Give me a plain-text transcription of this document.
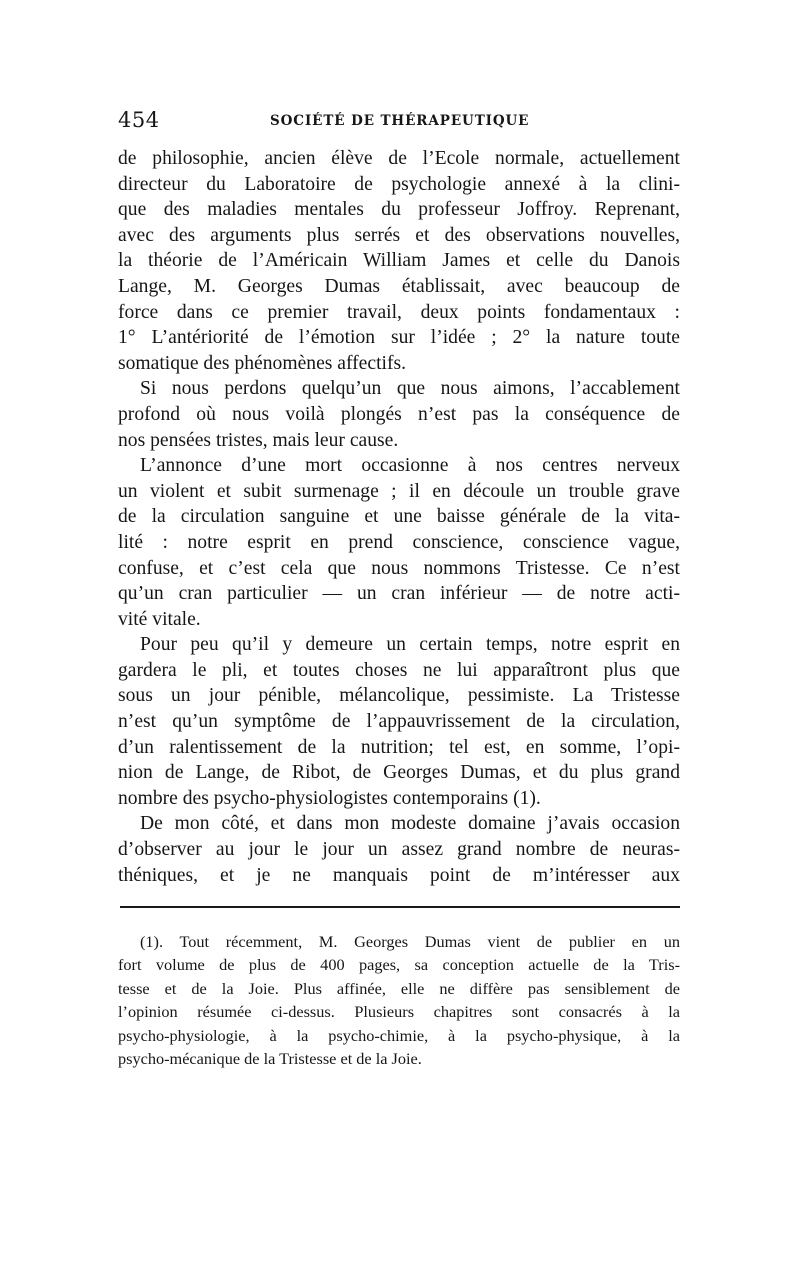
454	SOCIÉTÉ DE THÉRAPEUTIQUE
de philosophie, ancien élève de l’Ecole normale, actuellement
directeur du Laboratoire de psychologie annexé à la clini-
que des maladies mentales du professeur Joffroy. Reprenant,
avec des arguments plus serrés et des observations nouvelles,
la théorie de l’Américain William James et celle du Danois
Lange, M. Georges Dumas établissait, avec beaucoup de
force dans ce premier travail, deux points fondamentaux :
1° L’antériorité de l’émotion sur l’idée ; 2° la nature toute
somatique des phénomènes affectifs.
Si nous perdons quelqu’un que nous aimons, l’accablement
profond où nous voilà plongés n’est pas la conséquence de
nos pensées tristes, mais leur cause.
L’annonce d’une mort occasionne à nos centres nerveux
un violent et subit surmenage ; il en découle un trouble grave
de la circulation sanguine et une baisse générale de la vita-
lité : notre esprit en prend conscience, conscience vague,
confuse, et c’est cela que nous nommons Tristesse. Ce n’est
qu’un cran particulier — un cran inférieur — de notre acti-
vité vitale.
Pour peu qu’il y demeure un certain temps, notre esprit en
gardera le pli, et toutes choses ne lui apparaîtront plus que
sous un jour pénible, mélancolique, pessimiste. La Tristesse
n’est qu’un symptôme de l’appauvrissement de la circulation,
d’un ralentissement de la nutrition; tel est, en somme, l’opi-
nion de Lange, de Ribot, de Georges Dumas, et du plus grand
nombre des psycho-physiologistes contemporains (1).
De mon côté, et dans mon modeste domaine j’avais occasion
d’observer au jour le jour un assez grand nombre de neuras-
théniques, et je ne manquais point de m’intéresser aux
(1). Tout récemment, M. Georges Dumas vient de publier en un
fort volume de plus de 400 pages, sa conception actuelle de la Tris-
tesse et de la Joie. Plus affinée, elle ne diffère pas sensiblement de
l’opinion résumée ci-dessus. Plusieurs chapitres sont consacrés à la
psycho-physiologie, à la psycho-chimie, à la psycho-physique, à la
psycho-mécanique de la Tristesse et de la Joie.
